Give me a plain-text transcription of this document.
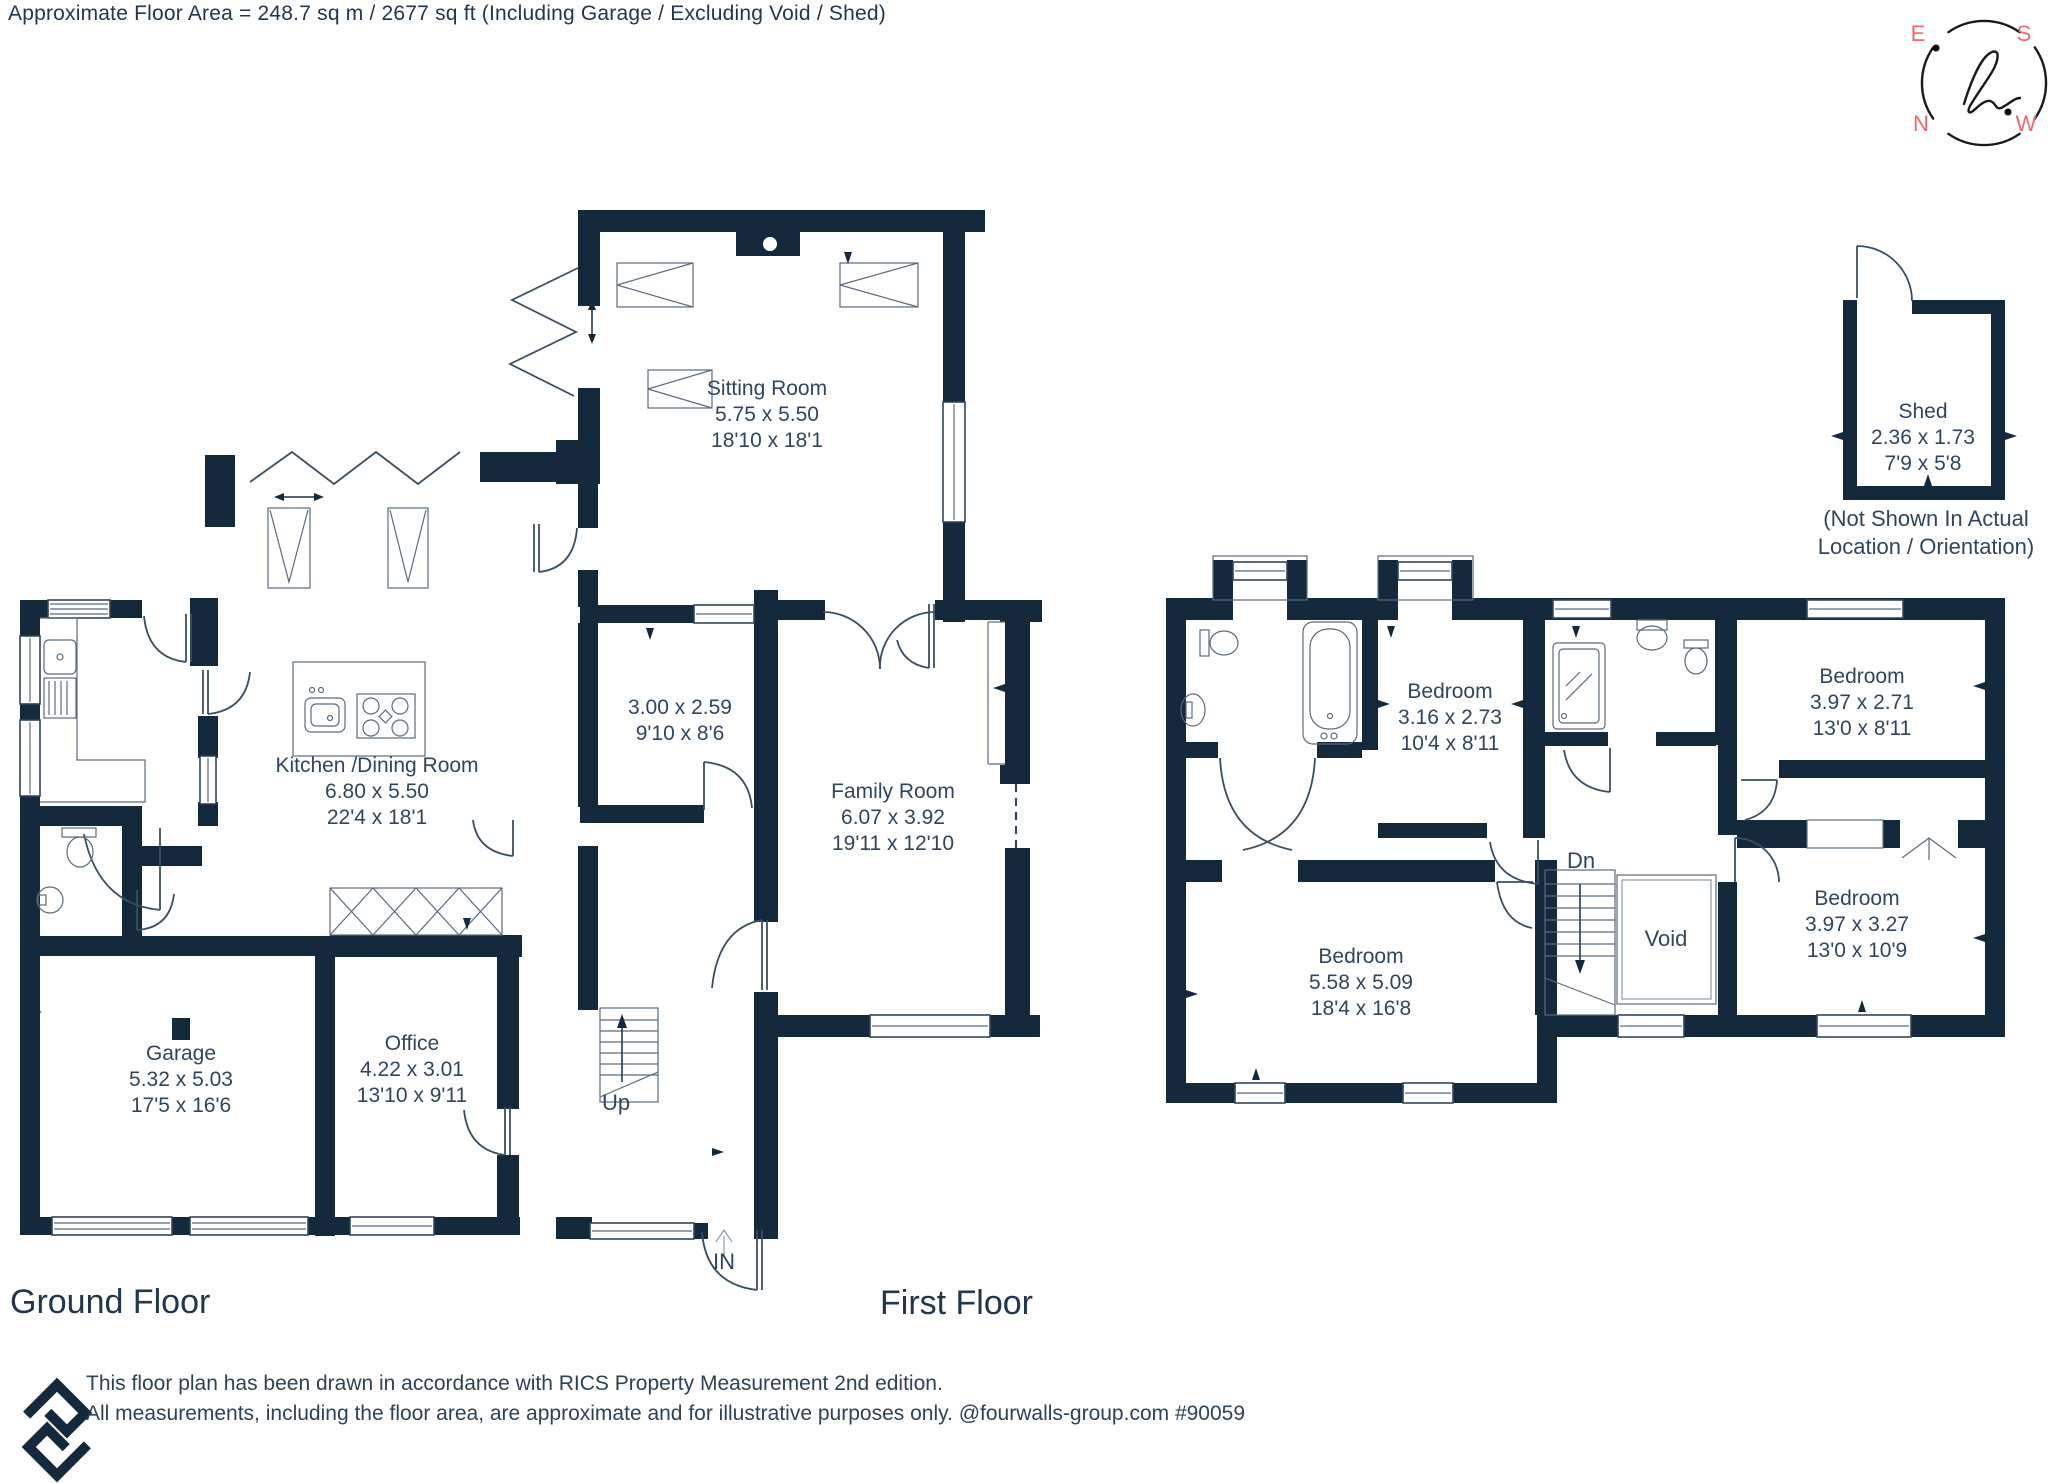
E	S
N	W
Approximate Floor Area = 248.7 sq m / 2677 sq ft (Including Garage / Excluding Void / Shed)
Sitting Room
5.75 x 5.50
18'10 x 18'1
Kitchen /Dining Room
6.80 x 5.50
22'4 x 18'1
3.00 x 2.59
9'10 x 8'6
Family Room
6.07 x 3.92
19'11 x 12'10
Garage
5.32 x 5.03
17'5 x 16'6
Office
4.22 x 3.01
13'10 x 9'11	Up
IN
Bedroom
3.16 x 2.73
10'4 x 8'11
Bedroom
3.97 x 2.71
13'0 x 8'11
Bedroom
3.97 x 3.27
13'0 x 10'9
Bedroom
5.58 x 5.09
18'4 x 16'8
Void
Dn
Shed
2.36 x 1.73
7'9 x 5'8
(Not Shown In Actual
Location / Orientation)
Ground Floor	First Floor
This floor plan has been drawn in accordance with RICS Property Measurement 2nd edition.
All measurements, including the floor area, are approximate and for illustrative purposes only. @fourwalls-group.com #90059
